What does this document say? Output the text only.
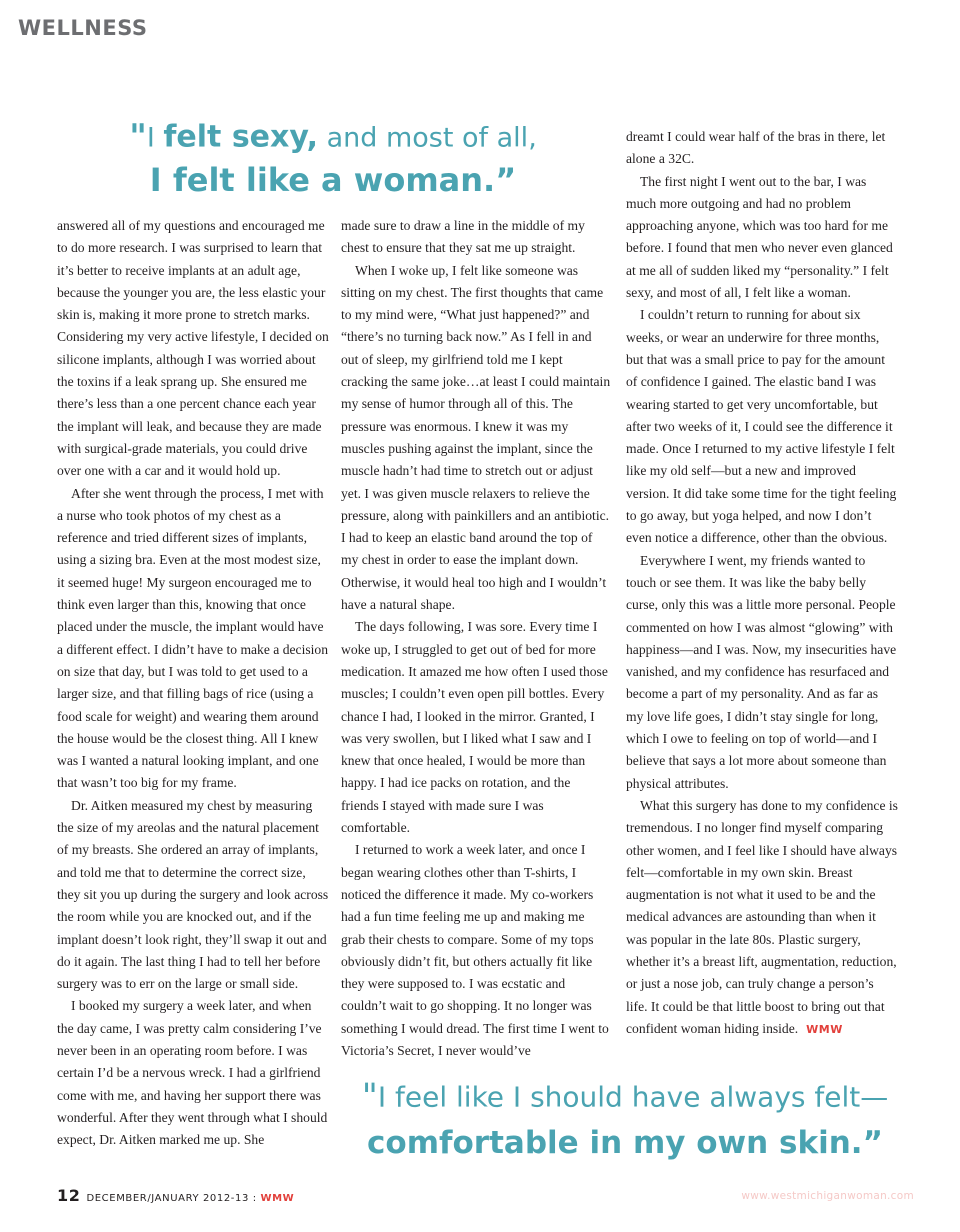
WELLNESS
"I felt sexy, and most of all,
I felt like a woman.”

answered all of my questions and encouraged me to do more research. I was surprised to learn that it’s better to receive implants at an adult age, because the younger you are, the less elastic your skin is, making it more prone to stretch marks. Considering my very active lifestyle, I decided on silicone implants, although I was worried about the toxins if a leak sprang up. She ensured me there’s less than a one percent chance each year the implant will leak, and because they are made with surgical-grade materials, you could drive over one with a car and it would hold up.

After she went through the process, I met with a nurse who took photos of my chest as a reference and tried different sizes of implants, using a sizing bra. Even at the most modest size, it seemed huge! My surgeon encouraged me to think even larger than this, knowing that once placed under the muscle, the implant would have a different effect. I didn’t have to make a decision on size that day, but I was told to get used to a larger size, and that filling bags of rice (using a food scale for weight) and wearing them around the house would be the closest thing. All I knew was I wanted a natural looking implant, and one that wasn’t too big for my frame.

Dr. Aitken measured my chest by measuring the size of my areolas and the natural placement of my breasts. She ordered an array of implants, and told me that to determine the correct size, they sit you up during the surgery and look across the room while you are knocked out, and if the implant doesn’t look right, they’ll swap it out and do it again. The last thing I had to tell her before surgery was to err on the large or small side.

I booked my surgery a week later, and when the day came, I was pretty calm considering I’ve never been in an operating room before. I was certain I’d be a nervous wreck. I had a girlfriend come with me, and having her support there was wonderful. After they went through what I should expect, Dr. Aitken marked me up. She

made sure to draw a line in the middle of my chest to ensure that they sat me up straight.

When I woke up, I felt like someone was sitting on my chest. The first thoughts that came to my mind were, “What just happened?” and “there’s no turning back now.” As I fell in and out of sleep, my girlfriend told me I kept cracking the same joke…at least I could maintain my sense of humor through all of this. The pressure was enormous. I knew it was my muscles pushing against the implant, since the muscle hadn’t had time to stretch out or adjust yet. I was given muscle relaxers to relieve the pressure, along with painkillers and an antibiotic. I had to keep an elastic band around the top of my chest in order to ease the implant down. Otherwise, it would heal too high and I wouldn’t have a natural shape.

The days following, I was sore. Every time I woke up, I struggled to get out of bed for more medication. It amazed me how often I used those muscles; I couldn’t even open pill bottles. Every chance I had, I looked in the mirror. Granted, I was very swollen, but I liked what I saw and I knew that once healed, I would be more than happy. I had ice packs on rotation, and the friends I stayed with made sure I was comfortable.

I returned to work a week later, and once I began wearing clothes other than T-shirts, I noticed the difference it made. My co-workers had a fun time feeling me up and making me grab their chests to compare. Some of my tops obviously didn’t fit, but others actually fit like they were supposed to. I was ecstatic and couldn’t wait to go shopping. It no longer was something I would dread. The first time I went to Victoria’s Secret, I never would’ve

dreamt I could wear half of the bras in there, let alone a 32C.

The first night I went out to the bar, I was much more outgoing and had no problem approaching anyone, which was too hard for me before. I found that men who never even glanced at me all of sudden liked my “personality.” I felt sexy, and most of all, I felt like a woman.

I couldn’t return to running for about six weeks, or wear an underwire for three months, but that was a small price to pay for the amount of confidence I gained. The elastic band I was wearing started to get very uncomfortable, but after two weeks of it, I could see the difference it made. Once I returned to my active lifestyle I felt like my old self—but a new and improved version. It did take some time for the tight feeling to go away, but yoga helped, and now I don’t even notice a difference, other than the obvious.

Everywhere I went, my friends wanted to touch or see them. It was like the baby belly curse, only this was a little more personal. People commented on how I was almost “glowing” with happiness—and I was. Now, my insecurities have vanished, and my confidence has resurfaced and become a part of my personality. And as far as my love life goes, I didn’t stay single for long, which I owe to feeling on top of world—and I believe that says a lot more about someone than physical attributes.

What this surgery has done to my confidence is tremendous. I no longer find myself comparing other women, and I feel like I should have always felt—comfortable in my own skin. Breast augmentation is not what it used to be and the medical advances are astounding than when it was popular in the late 80s. Plastic surgery, whether it’s a breast lift, augmentation, reduction, or just a nose job, can truly change a person’s life. It could be that little boost to bring out that confident woman hiding inside. WMW

"I feel like I should have always felt—
comfortable in my own skin.”
12 DECEMBER/JANUARY 2012-13 : WMW	www.westmichiganwoman.com
